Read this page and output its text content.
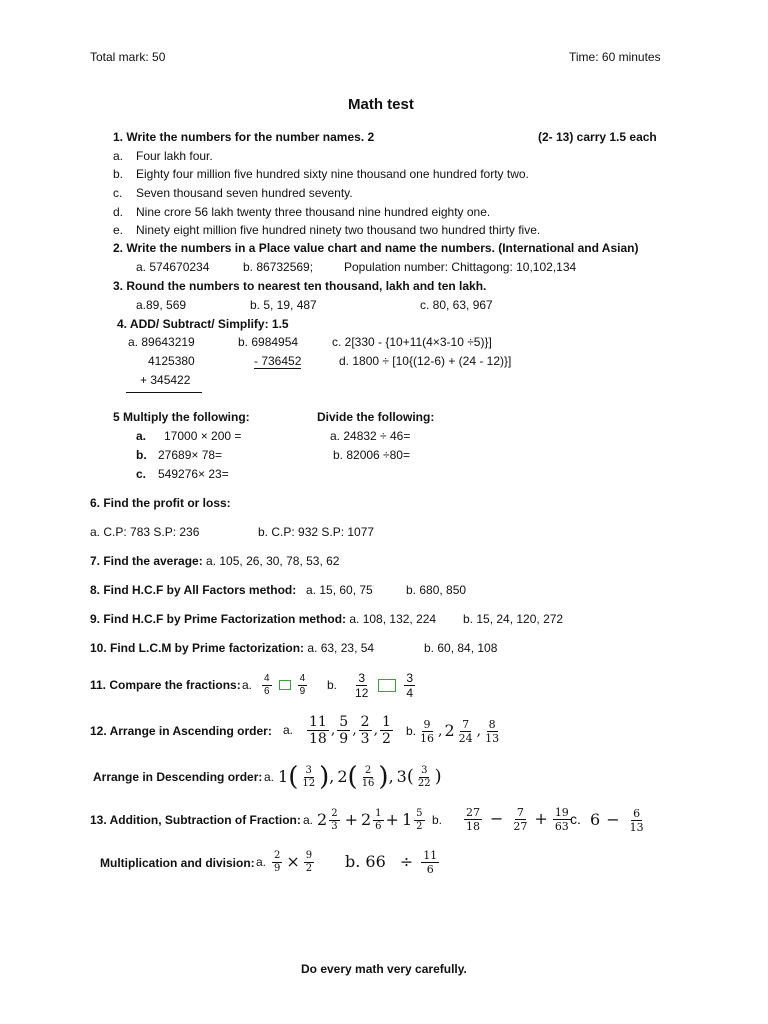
Total mark: 50	Time: 60 minutes
Math test
1. Write the numbers for the number names. 2	(2- 13) carry 1.5 each
a. Four lakh four.
b. Eighty four million five hundred sixty nine thousand one hundred forty two.
c. Seven thousand seven hundred seventy.
d. Nine crore 56 lakh twenty three thousand nine hundred eighty one.
e. Ninety eight million five hundred ninety two thousand two hundred thirty five.
2. Write the numbers in a Place value chart and name the numbers. (International and Asian)
a. 574670234	b. 86732569;	Population number: Chittagong: 10,102,134
3. Round the numbers to nearest ten thousand, lakh and ten lakh.
a.89, 569	b. 5, 19, 487	c. 80, 63, 967
4. ADD/ Subtract/ Simplify: 1.5
a. 89643219
4125380
+ 345422
b. 6984954
- 736452
c. 2[330 - {10+11(4×3-10 ÷5)}]
d. 1800 ÷ [10{(12-6) + (24 - 12)}]
5 Multiply the following:	Divide the following:
a. 17000 × 200 =
b. 27689× 78=
c. 549276× 23=
a. 24832 ÷ 46=
b. 82006 ÷80=
6. Find the profit or loss:
a. C.P: 783 S.P: 236	b. C.P: 932 S.P: 1077
7. Find the average: a. 105, 26, 30, 78, 53, 62
8. Find H.C.F by All Factors method: a. 15, 60, 75	b. 680, 850
9. Find H.C.F by Prime Factorization method: a. 108, 132, 224 b. 15, 24, 120, 272
10. Find L.C.M by Prime factorization: a. 63, 23, 54	b. 60, 84, 108
11. Compare the fractions: a. $\frac{4}{6}$	$\frac{4}{9} b$. $\frac{3}{12}$	$\frac{3}{4}$
12. Arrange in Ascending order: a. $\frac{11}{18}$ , $\frac{5}{9}$ , $\frac{2}{3}$ , $\frac{1}{2} b$. $\frac{9}{16}$ , $2 \frac{7}{24}$ , $\frac{8}{13}$
Arrange in Descending order: a. 1 ( $\frac{3}{12}$ ) , 2 ( $\frac{2}{16}$ ) , 3 ( $\frac{3}{22}$ )
13. Addition, Subtraction of Fraction: a. $2 \frac{2}{3} + 2 \frac{1}{6} + 1 \frac{5}{2} b$. $\frac{27}{18} - \frac{7}{27} + \frac{19}{63} c$. $6 - \frac{6}{13}$
Multiplication and division: a. $\frac{2}{9} \times \frac{9}{2} b$. $66 \div \frac{11}{6}$
Do every math very carefully.
